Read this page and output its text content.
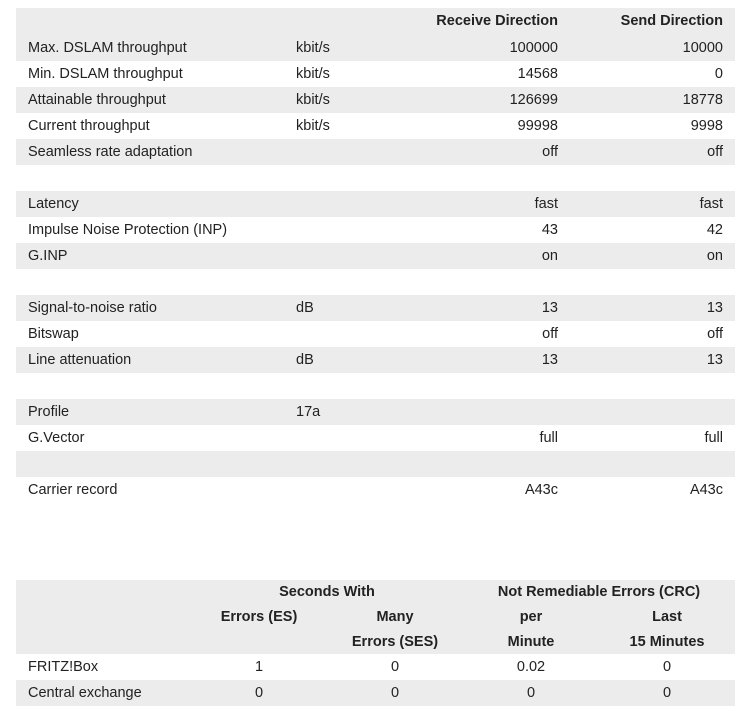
		Receive Direction	Send Direction
Max. DSLAM throughput	kbit/s	100000	10000
Min. DSLAM throughput	kbit/s	14568	0
Attainable throughput	kbit/s	126699	18778
Current throughput	kbit/s	99998	9998
Seamless rate adaptation		off	off

Latency		fast	fast
Impulse Noise Protection (INP)		43	42
G.INP		on	on

Signal-to-noise ratio	dB	13	13
Bitswap		off	off
Line attenuation	dB	13	13

Profile	17a		
G.Vector		full	full

Carrier record		A43c	A43c
	Seconds With		Not Remediable Errors (CRC)	
	Errors (ES)	Many	per	Last
		Errors (SES)	Minute	15 Minutes
FRITZ!Box	1	0	0.02	0
Central exchange	0	0	0	0
